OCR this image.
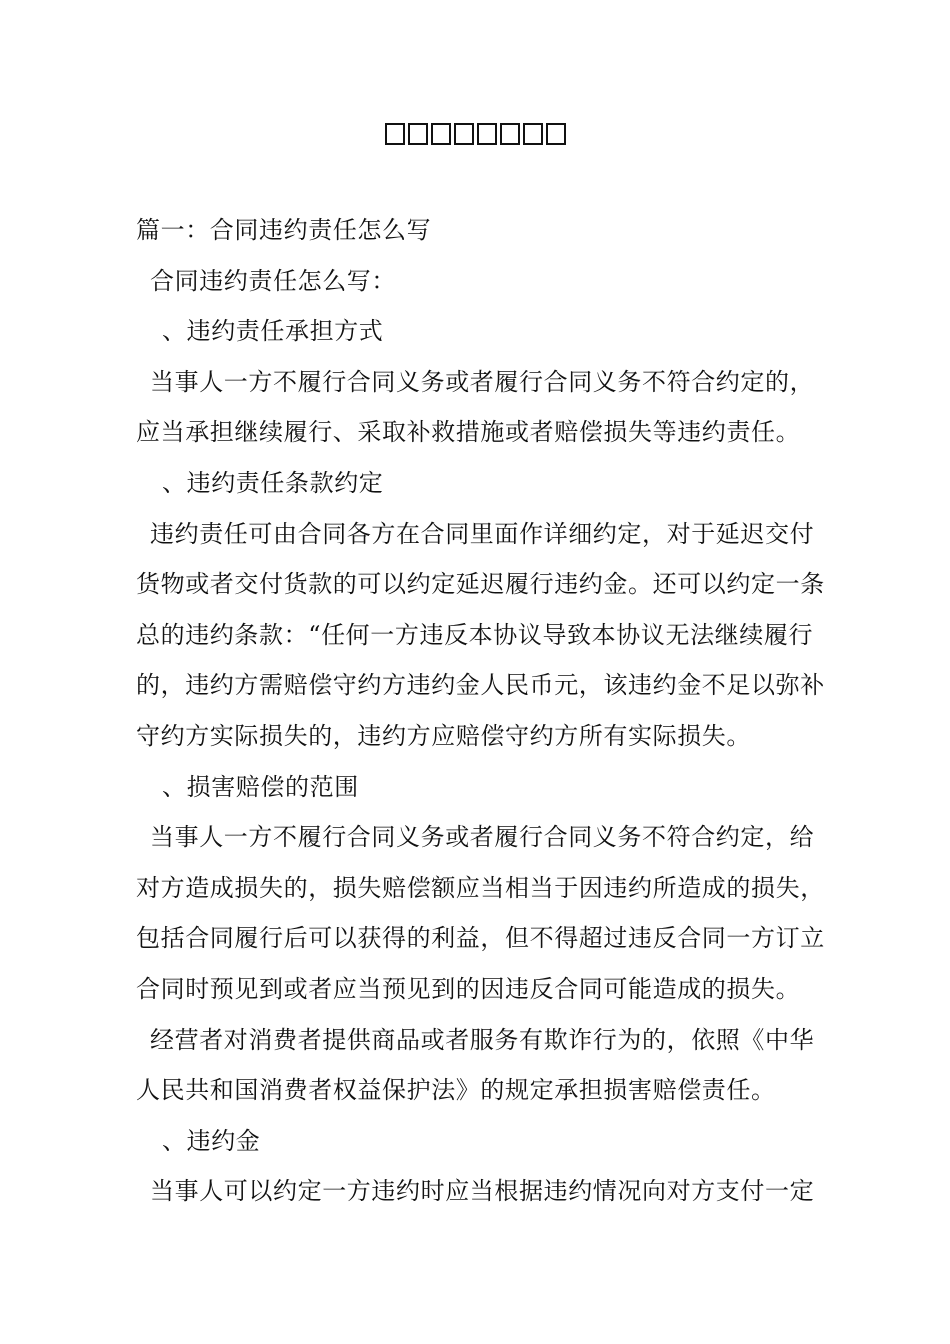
篇一：合同违约责任怎么写
合同违约责任怎么写：
、违约责任承担方式
当事人一方不履行合同义务或者履行合同义务不符合约定的，
应当承担继续履行、采取补救措施或者赔偿损失等违约责任。
、违约责任条款约定
违约责任可由合同各方在合同里面作详细约定，对于延迟交付
货物或者交付货款的可以约定延迟履行违约金。还可以约定一条
总的违约条款：“任何一方违反本协议导致本协议无法继续履行
的，违约方需赔偿守约方违约金人民币元，该违约金不足以弥补
守约方实际损失的，违约方应赔偿守约方所有实际损失。
、损害赔偿的范围
当事人一方不履行合同义务或者履行合同义务不符合约定，给
对方造成损失的，损失赔偿额应当相当于因违约所造成的损失，
包括合同履行后可以获得的利益，但不得超过违反合同一方订立
合同时预见到或者应当预见到的因违反合同可能造成的损失。
经营者对消费者提供商品或者服务有欺诈行为的，依照《中华
人民共和国消费者权益保护法》的规定承担损害赔偿责任。
、违约金
当事人可以约定一方违约时应当根据违约情况向对方支付一定
